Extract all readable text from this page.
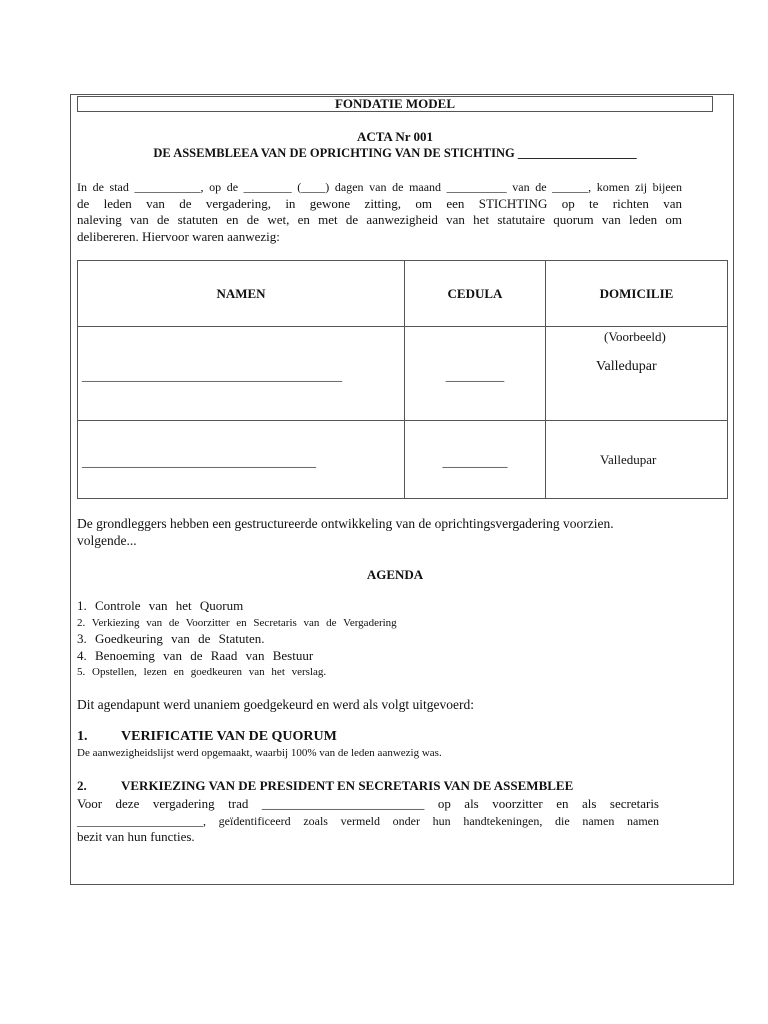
FONDATIE MODEL
ACTA Nr 001
DE ASSEMBLEEA VAN DE OPRICHTING VAN DE STICHTING ___________________
In de stad ___________, op de ________ (____) dagen van de maand __________ van de ______, komen zij bijeen
de leden van de vergadering, in gewone zitting, om een STICHTING op te richten van
naleving van de statuten en de wet, en met de aanwezigheid van het statutaire quorum van leden om
delibereren. Hiervoor waren aanwezig:
NAMEN	CEDULA	DOMICILIE
________________________________________	_________	(Voorbeeld)
Valledupar

____________________________________	__________	Valledupar
De grondleggers hebben een gestructureerde ontwikkeling van de oprichtingsvergadering voorzien.
volgende...
AGENDA
1. Controle van het Quorum
2. Verkiezing van de Voorzitter en Secretaris van de Vergadering
3. Goedkeuring van de Statuten.
4. Benoeming van de Raad van Bestuur
5. Opstellen, lezen en goedkeuren van het verslag.
Dit agendapunt werd unaniem goedgekeurd en werd als volgt uitgevoerd:
1. VERIFICATIE VAN DE QUORUM
De aanwezigheidslijst werd opgemaakt, waarbij 100% van de leden aanwezig was.
2.	VERKIEZING VAN DE PRESIDENT EN SECRETARIS VAN DE ASSEMBLEE
Voor deze vergadering trad _________________________ op als voorzitter en als secretaris
_____________________, geïdentificeerd zoals vermeld onder hun handtekeningen, die namen namen
bezit van hun functies.
